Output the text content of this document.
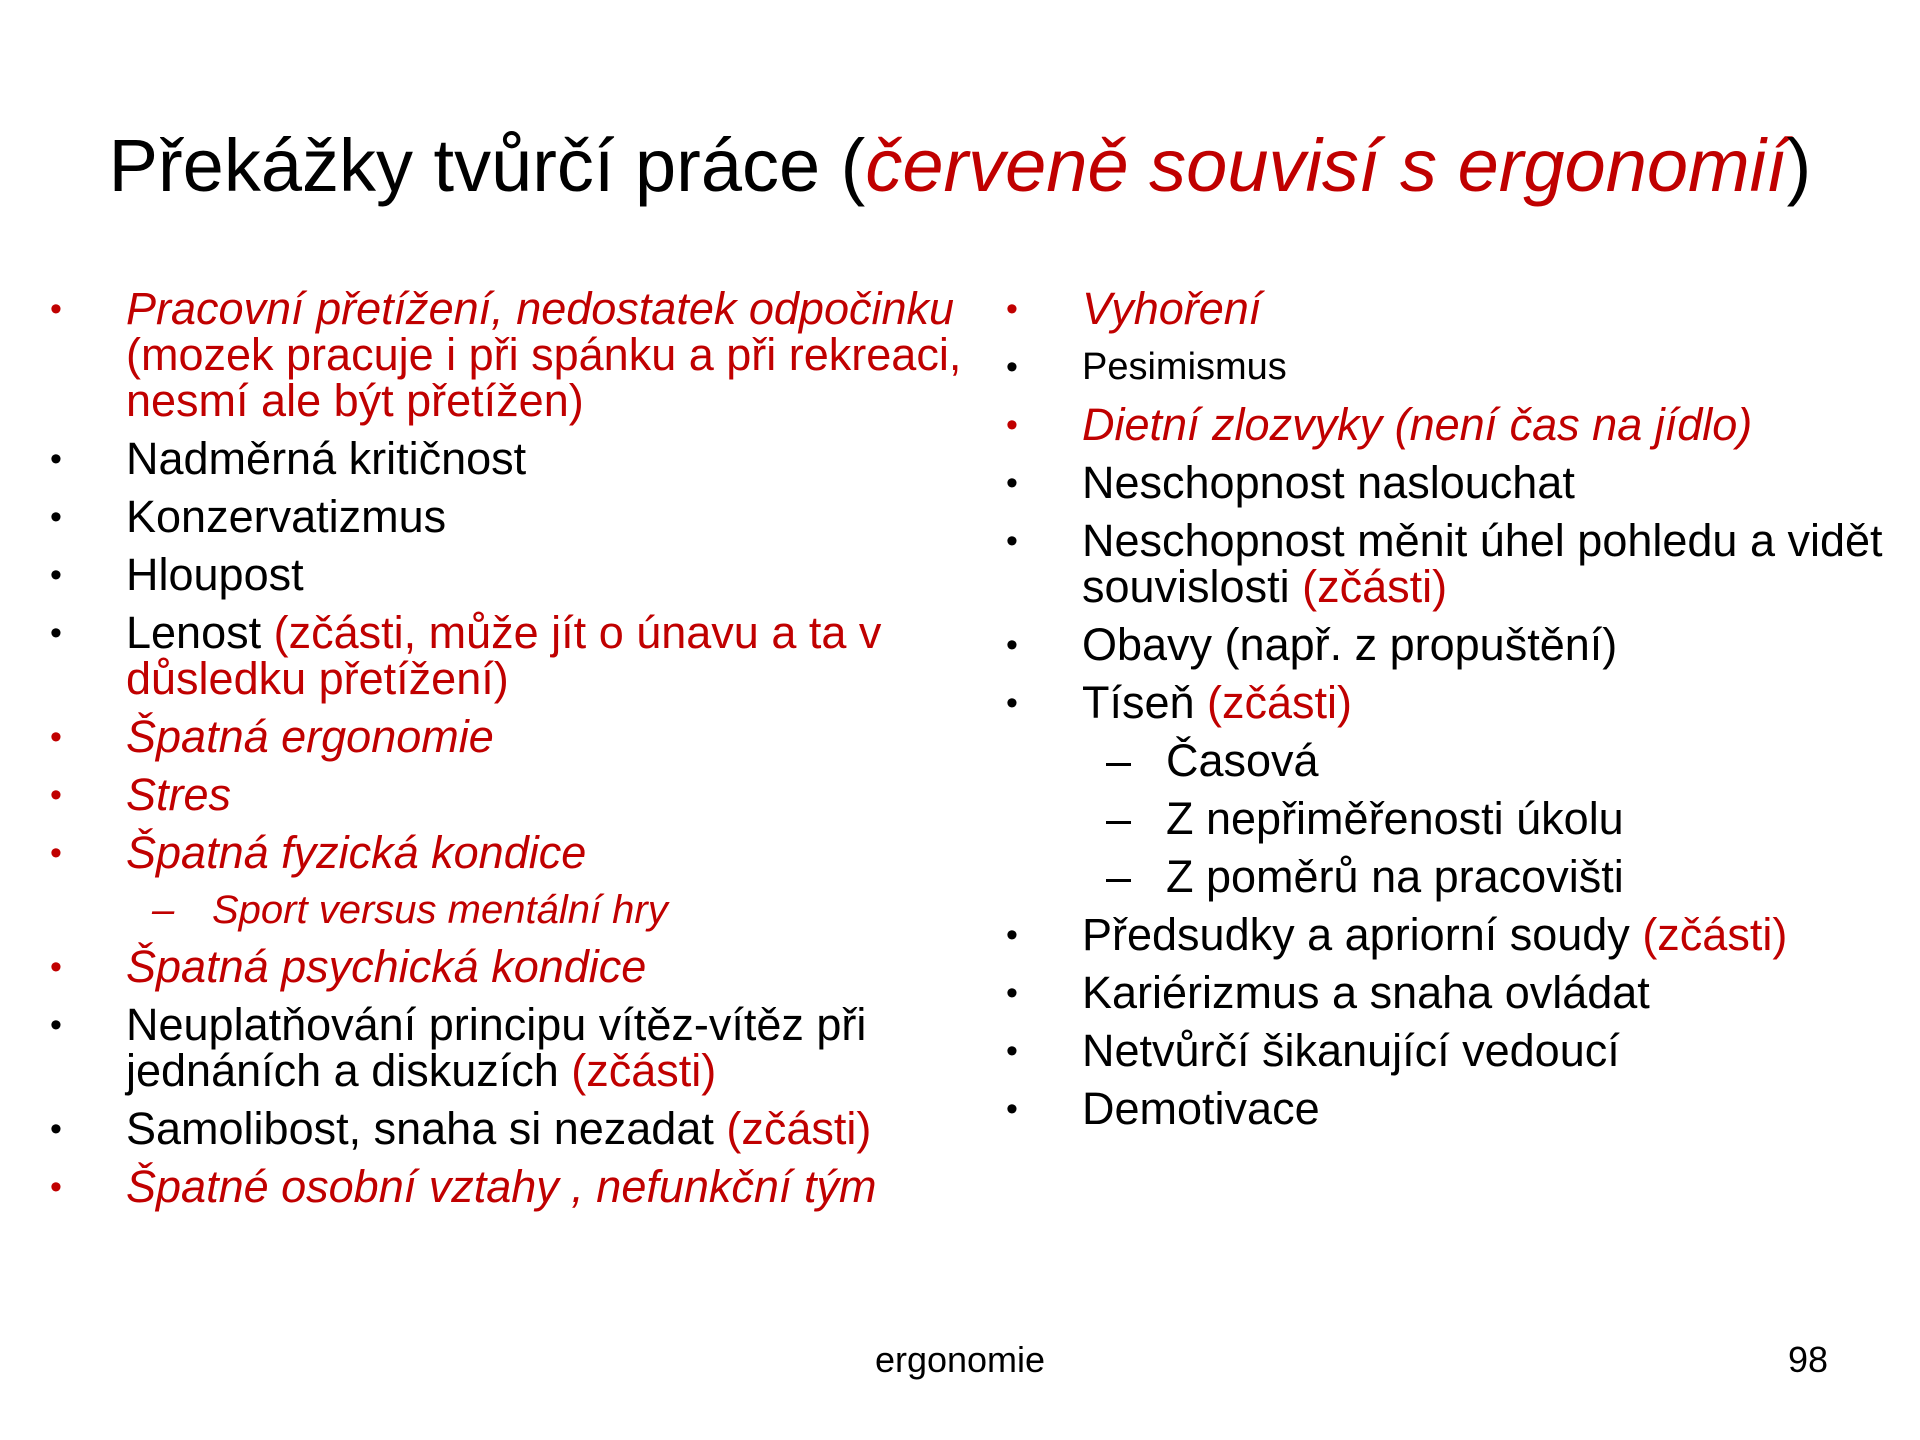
Překážky tvůrčí práce (červeně souvisí s ergonomií)
•	Pracovní přetížení, nedostatek odpočinku (mozek pracuje i při spánku a při rekreaci, nesmí ale být přetížen)
•	Nadměrná kritičnost
•	Konzervatizmus
•	Hloupost
•	Lenost (zčásti, může jít o únavu a ta v důsledku přetížení)
•	Špatná ergonomie
•	Stres
•	Špatná fyzická kondice
– Sport versus mentální hry
•	Špatná psychická kondice
•	Neuplatňování principu vítěz-vítěz při jednáních a diskuzích (zčásti)
•	Samolibost, snaha si nezadat (zčásti)
•	Špatné osobní vztahy , nefunkční tým
•	Vyhoření
•	Pesimismus
•	Dietní zlozvyky (není čas na jídlo)
•	Neschopnost naslouchat
•	Neschopnost měnit úhel pohledu a vidět souvislosti (zčásti)
•	Obavy (např. z propuštění)
•	Tíseň (zčásti)
– Časová
– Z nepřiměřenosti úkolu
– Z poměrů na pracovišti
•	Předsudky a apriorní soudy (zčásti)
•	Kariérizmus a snaha ovládat
•	Netvůrčí šikanující vedoucí
•	Demotivace
ergonomie	98
